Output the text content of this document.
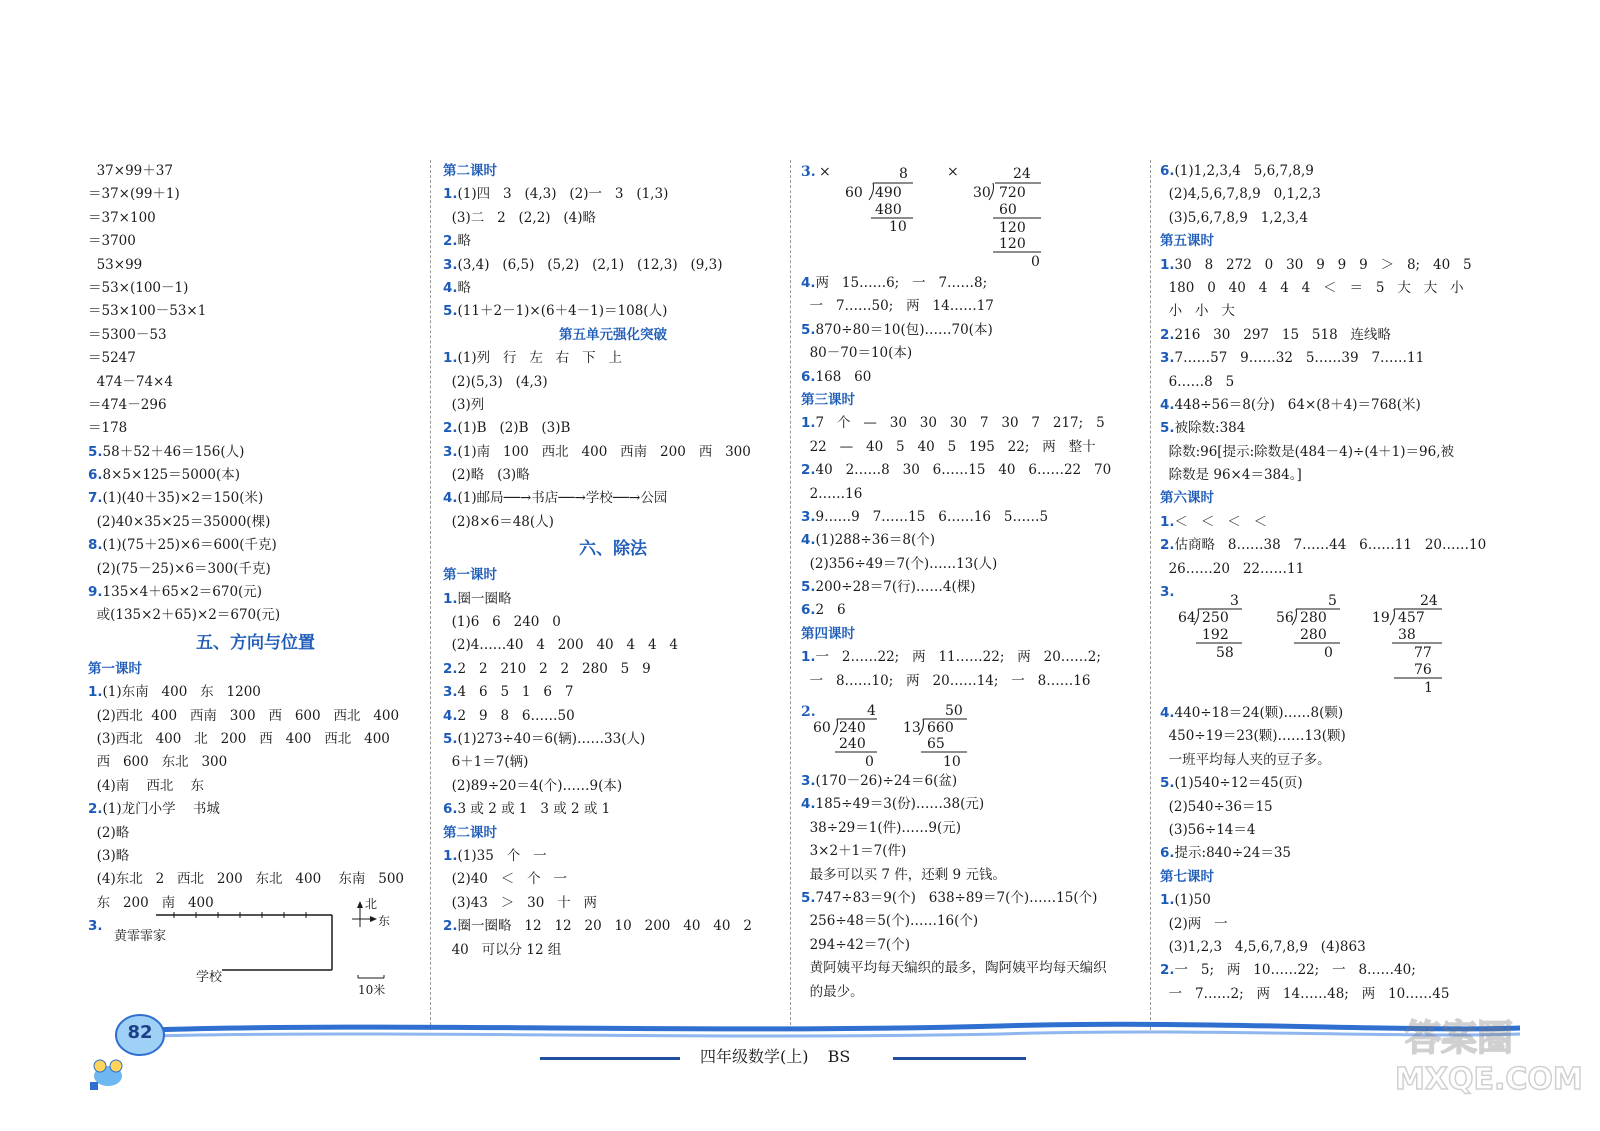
37×99＋37
＝37×(99＋1)
＝37×100
＝3700
53×99
＝53×(100－1)
＝53×100－53×1
＝5300－53
＝5247
474－74×4
＝474－296
＝178
5.58＋52＋46＝156(人)
6.8×5×125＝5000(本)
7.(1)(40＋35)×2＝150(米)
(2)40×35×25＝35000(棵)
8.(1)(75＋25)×6＝600(千克)
(2)(75－25)×6＝300(千克)
9.135×4＋65×2＝670(元)
或(135×2＋65)×2＝670(元)
五、方向与位置
第一课时
1.(1)东南   400   东   1200
(2)西北  400   西南   300   西   600   西北   400
(3)西北   400   北   200   西   400   西北   400
西   600   东北   300
(4)南    西北    东
2.(1)龙门小学    书城
(2)略
(3)略
(4)东北   2   西北   200   东北   400    东南   500
东   200   南   400
3.
第二课时
1.(1)四   3   (4,3)   (2)一   3   (1,3)
(3)二   2   (2,2)   (4)略
2.略
3.(3,4)   (6,5)   (5,2)   (2,1)   (12,3)   (9,3)
4.略
5.(11＋2－1)×(6＋4－1)＝108(人)
第五单元强化突破
1.(1)列   行   左   右   下   上
(2)(5,3)   (4,3)
(3)列
2.(1)B   (2)B   (3)B
3.(1)南   100   西北   400   西南   200   西   300
(2)略   (3)略
4.(1)邮局──→书店──→学校──→公园
(2)8×6＝48(人)
六、除法
第一课时
1.圈一圈略
(1)6   6   240   0
(2)4……40   4   200   40   4   4   4
2.2   2   210   2   2   280   5   9
3.4   6   5   1   6   7
4.2   9   8   6……50
5.(1)273÷40＝6(辆)……33(人)
6＋1＝7(辆)
(2)89÷20＝4(个)……9(本)
6.3 或 2 或 1   3 或 2 或 1
第二课时
1.(1)35   个   一
(2)40   ＜   个   一
(3)43   ＞   30   十   两
2.圈一圈略   12   12   20   10   200   40   40   2
40   可以分 12 组
3. ×	8
60 490
480
10
×	24
30 720
60
120
120
0
4.两   15……6;   一   7……8;
一   7……50;   两   14……17
5.870÷80＝10(包)……70(本)
80－70＝10(本)
6.168   60
第三课时
1.7   个   —   30   30   30   7   30   7   217;   5
22   —   40   5   40   5   195   22;   两   整十
2.40   2……8   30   6……15   40   6……22   70
2……16
3.9……9   7……15   6……16   5……5
4.(1)288÷36＝8(个)
(2)356÷49＝7(个)……13(人)
5.200÷28＝7(行)……4(棵)
6.2   6
第四课时
1.一   2……22;   两   11……22;   两   20……2;
一   8……10;   两   20……14;   一   8……16
2.	4
60 240
240
0
50
13 660
65
10
3.(170－26)÷24＝6(盆)
4.185÷49＝3(份)……38(元)
38÷29＝1(件)……9(元)
3×2＋1＝7(件)
最多可以买 7 件，还剩 9 元钱。
5.747÷83＝9(个)   638÷89＝7(个)……15(个)
256÷48＝5(个)……16(个)
294÷42＝7(个)
黄阿姨平均每天编织的最多，陶阿姨平均每天编织
的最少。
6.(1)1,2,3,4   5,6,7,8,9
(2)4,5,6,7,8,9   0,1,2,3
(3)5,6,7,8,9   1,2,3,4
第五课时
1.30   8   272   0   30   9   9   9   ＞   8;   40   5
180   0   40   4   4   4   ＜   ＝   5   大   大   小
小   小   大
2.216   30   297   15   518   连线略
3.7……57   9……32   5……39   7……11
6……8   5
4.448÷56＝8(分)   64×(8＋4)＝768(米)
5.被除数:384
除数:96[提示:除数是(484－4)÷(4＋1)＝96,被
除数是 96×4＝384。]
第六课时
1.＜   ＜   ＜   ＜
2.估商略   8……38   7……44   6……11   20……10
26……20   22……11
3.
3
64 250
192
58
5
56 280
280
0
24
19 457
38
77
76
1
4.440÷18＝24(颗)……8(颗)
450÷19＝23(颗)……13(颗)
一班平均每人夹的豆子多。
5.(1)540÷12＝45(页)
(2)540÷36＝15
(3)56÷14＝4
6.提示:840÷24＝35
第七课时
1.(1)50
(2)两   一
(3)1,2,3   4,5,6,7,8,9   (4)863
2.一   5;   两   10……22;   一   8……40;
一   7……2;   两   14……48;   两   10……45
黄霏霏家
学校
北
东
10米
82
四年级数学(上) BS	答案圈
MXQE.COM
